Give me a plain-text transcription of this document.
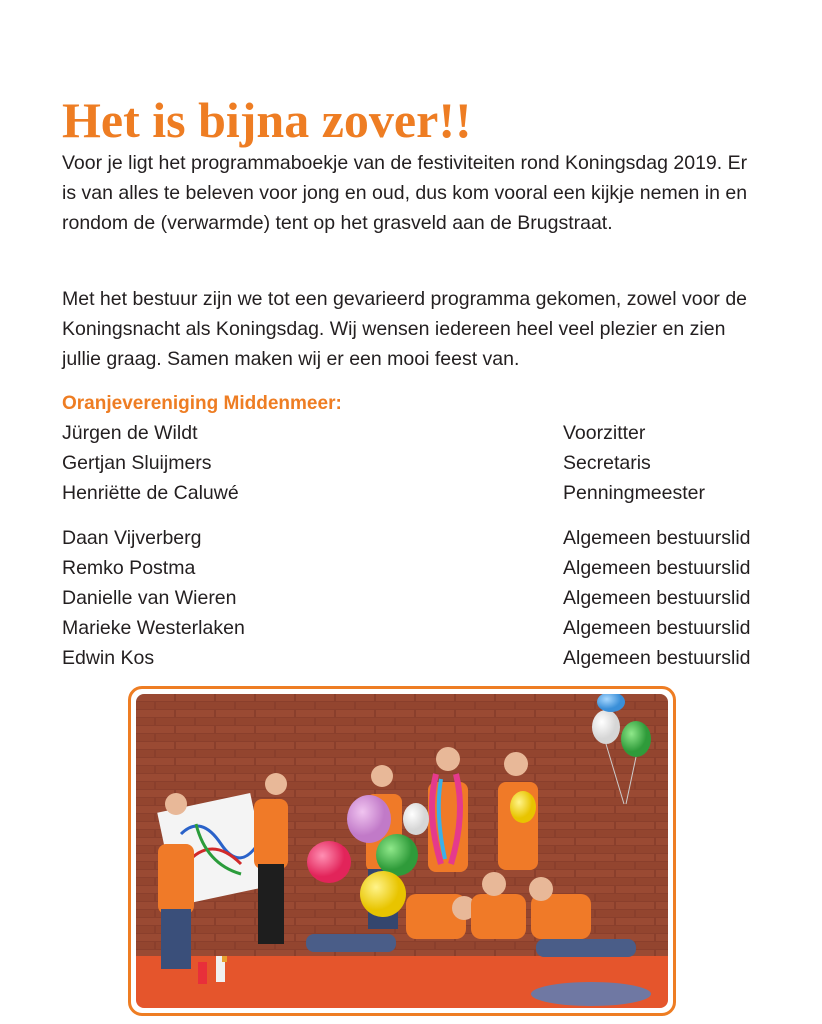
Het is bijna zover!!

Voor je ligt het programmaboekje van de festiviteiten rond Koningsdag 2019. Er is van alles te beleven voor jong en oud, dus kom vooral een kijkje nemen in en rondom de (verwarmde) tent op het grasveld aan de Brugstraat.

Met het bestuur zijn we tot een gevarieerd programma gekomen, zowel voor de Koningsnacht als Koningsdag. Wij wensen iedereen heel veel plezier en zien jullie graag. Samen maken wij er een mooi feest van.

Oranjevereniging Middenmeer:
Jürgen de Wildt	Voorzitter
Gertjan Sluijmers	Secretaris
Henriëtte de Caluwé	Penningmeester
Daan Vijverberg	Algemeen bestuurslid
Remko Postma	Algemeen bestuurslid
Danielle van Wieren	Algemeen bestuurslid
Marieke Westerlaken	Algemeen bestuurslid
Edwin Kos	Algemeen bestuurslid
